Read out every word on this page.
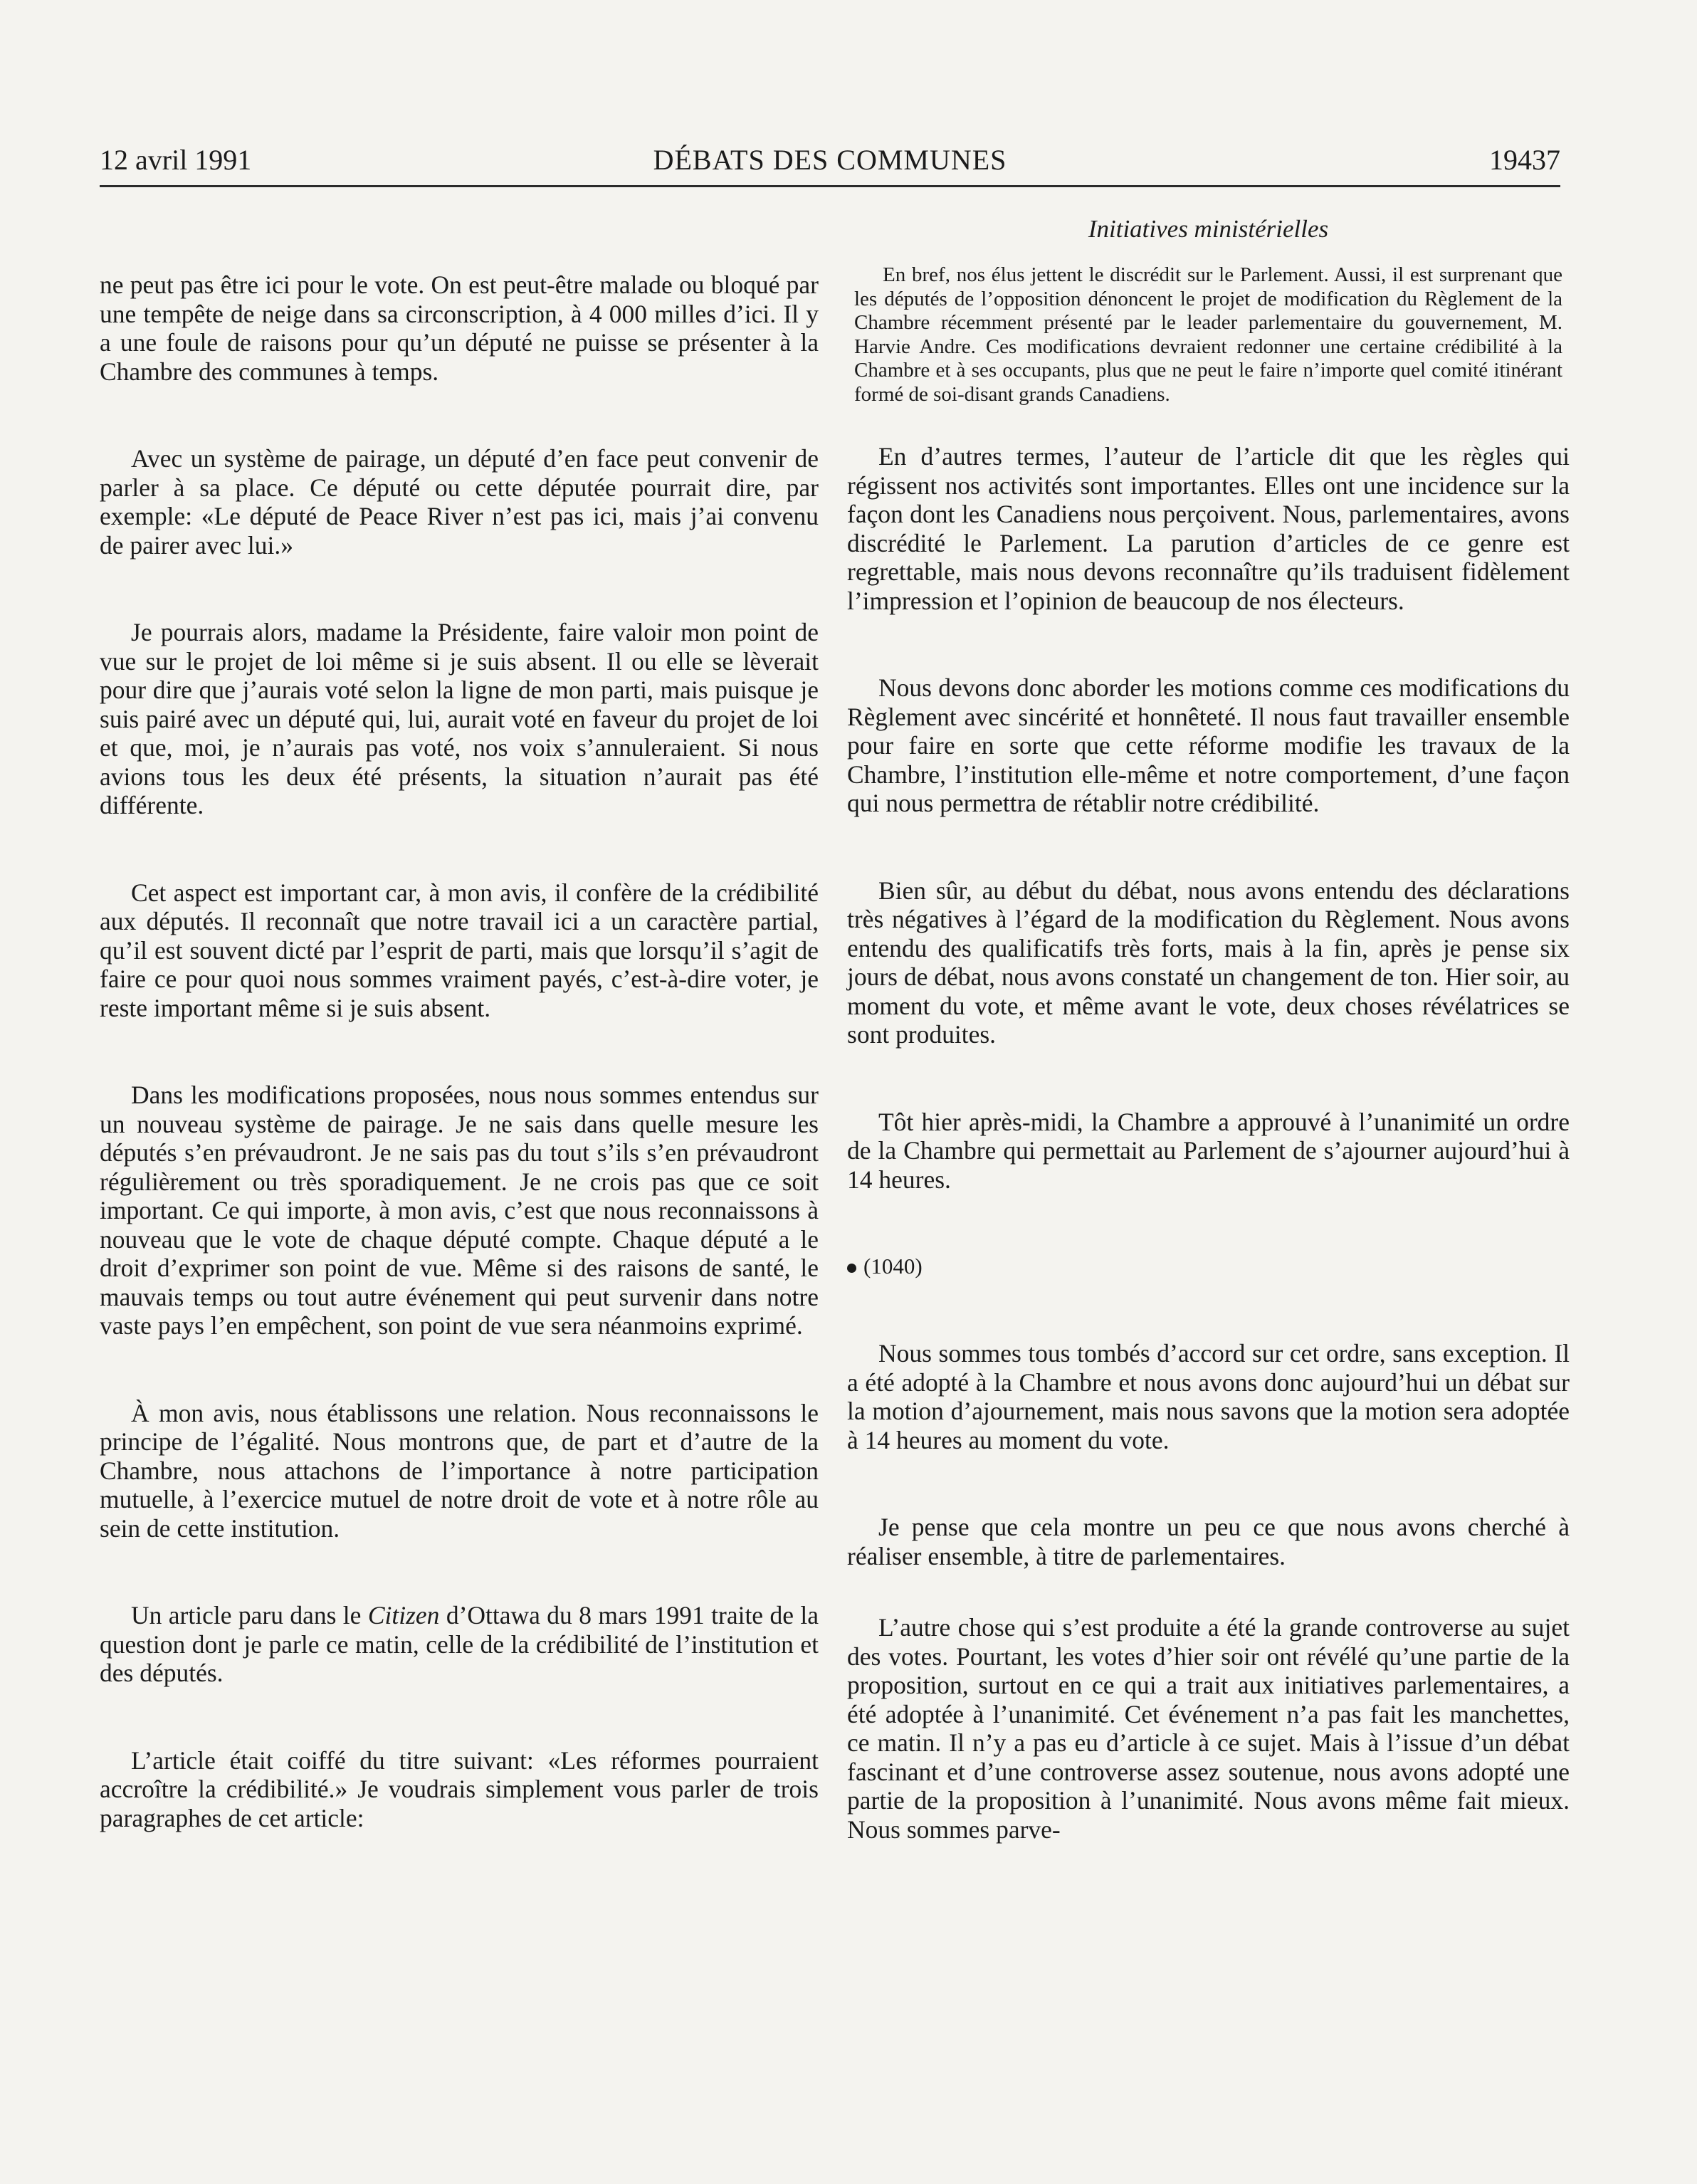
12 avril 1991	DÉBATS DES COMMUNES	19437

ne peut pas être ici pour le vote. On est peut-être malade ou bloqué par une tempête de neige dans sa circonscription, à 4 000 milles d’ici. Il y a une foule de raisons pour qu’un député ne puisse se présenter à la Chambre des communes à temps.

Avec un système de pairage, un député d’en face peut convenir de parler à sa place. Ce député ou cette députée pourrait dire, par exemple: «Le député de Peace River n’est pas ici, mais j’ai convenu de pairer avec lui.»

Je pourrais alors, madame la Présidente, faire valoir mon point de vue sur le projet de loi même si je suis absent. Il ou elle se lèverait pour dire que j’aurais voté selon la ligne de mon parti, mais puisque je suis pairé avec un député qui, lui, aurait voté en faveur du projet de loi et que, moi, je n’aurais pas voté, nos voix s’annuleraient. Si nous avions tous les deux été présents, la situation n’aurait pas été différente.

Cet aspect est important car, à mon avis, il confère de la crédibilité aux députés. Il reconnaît que notre travail ici a un caractère partial, qu’il est souvent dicté par l’esprit de parti, mais que lorsqu’il s’agit de faire ce pour quoi nous sommes vraiment payés, c’est-à-dire voter, je reste important même si je suis absent.

Dans les modifications proposées, nous nous sommes entendus sur un nouveau système de pairage. Je ne sais dans quelle mesure les députés s’en prévaudront. Je ne sais pas du tout s’ils s’en prévaudront régulièrement ou très sporadiquement. Je ne crois pas que ce soit important. Ce qui importe, à mon avis, c’est que nous reconnaissons à nouveau que le vote de chaque député compte. Chaque député a le droit d’exprimer son point de vue. Même si des raisons de santé, le mauvais temps ou tout autre événement qui peut survenir dans notre vaste pays l’en empêchent, son point de vue sera néanmoins exprimé.

À mon avis, nous établissons une relation. Nous reconnaissons le principe de l’égalité. Nous montrons que, de part et d’autre de la Chambre, nous attachons de l’importance à notre participation mutuelle, à l’exercice mutuel de notre droit de vote et à notre rôle au sein de cette institution.

Un article paru dans le Citizen d’Ottawa du 8 mars 1991 traite de la question dont je parle ce matin, celle de la crédibilité de l’institution et des députés.

L’article était coiffé du titre suivant: «Les réformes pourraient accroître la crédibilité.» Je voudrais simplement vous parler de trois paragraphes de cet article:

Initiatives ministérielles

En bref, nos élus jettent le discrédit sur le Parlement. Aussi, il est surprenant que les députés de l’opposition dénoncent le projet de modification du Règlement de la Chambre récemment présenté par le leader parlementaire du gouvernement, M. Harvie Andre. Ces modifications devraient redonner une certaine crédibilité à la Chambre et à ses occupants, plus que ne peut le faire n’importe quel comité itinérant formé de soi-disant grands Canadiens.

En d’autres termes, l’auteur de l’article dit que les règles qui régissent nos activités sont importantes. Elles ont une incidence sur la façon dont les Canadiens nous perçoivent. Nous, parlementaires, avons discrédité le Parlement. La parution d’articles de ce genre est regrettable, mais nous devons reconnaître qu’ils traduisent fidèlement l’impression et l’opinion de beaucoup de nos électeurs.

Nous devons donc aborder les motions comme ces modifications du Règlement avec sincérité et honnêteté. Il nous faut travailler ensemble pour faire en sorte que cette réforme modifie les travaux de la Chambre, l’institution elle-même et notre comportement, d’une façon qui nous permettra de rétablir notre crédibilité.

Bien sûr, au début du débat, nous avons entendu des déclarations très négatives à l’égard de la modification du Règlement. Nous avons entendu des qualificatifs très forts, mais à la fin, après je pense six jours de débat, nous avons constaté un changement de ton. Hier soir, au moment du vote, et même avant le vote, deux choses révélatrices se sont produites.

Tôt hier après-midi, la Chambre a approuvé à l’unanimité un ordre de la Chambre qui permettait au Parlement de s’ajourner aujourd’hui à 14 heures.

(1040)

Nous sommes tous tombés d’accord sur cet ordre, sans exception. Il a été adopté à la Chambre et nous avons donc aujourd’hui un débat sur la motion d’ajournement, mais nous savons que la motion sera adoptée à 14 heures au moment du vote.

Je pense que cela montre un peu ce que nous avons cherché à réaliser ensemble, à titre de parlementaires.

L’autre chose qui s’est produite a été la grande controverse au sujet des votes. Pourtant, les votes d’hier soir ont révélé qu’une partie de la proposition, surtout en ce qui a trait aux initiatives parlementaires, a été adoptée à l’unanimité. Cet événement n’a pas fait les manchettes, ce matin. Il n’y a pas eu d’article à ce sujet. Mais à l’issue d’un débat fascinant et d’une controverse assez soutenue, nous avons adopté une partie de la proposition à l’unanimité. Nous avons même fait mieux. Nous sommes parve-
